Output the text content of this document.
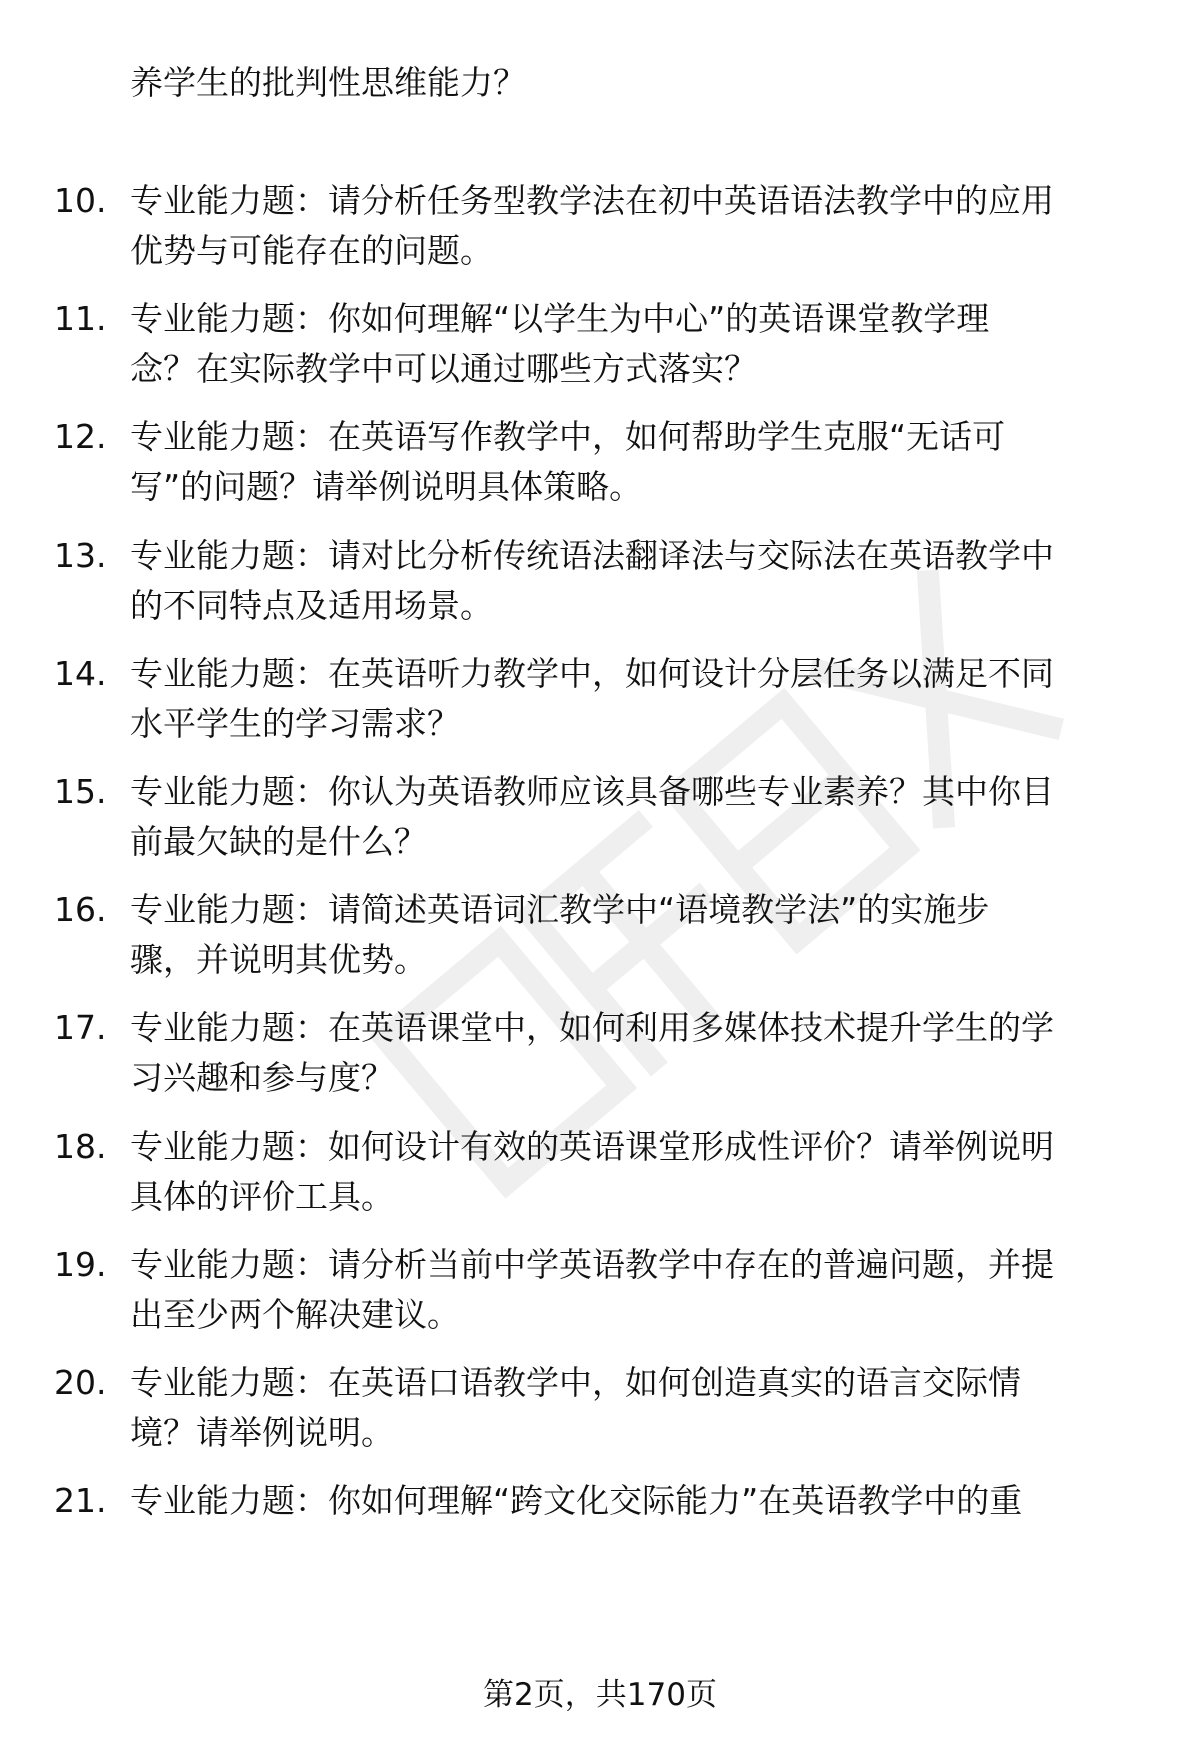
养学生的批判性思维能力？
10. 专业能力题：请分析任务型教学法在初中英语语法教学中的应用
优势与可能存在的问题。
11. 专业能力题：你如何理解“以学生为中心”的英语课堂教学理
念？在实际教学中可以通过哪些方式落实？
12. 专业能力题：在英语写作教学中，如何帮助学生克服“无话可
写”的问题？请举例说明具体策略。
13. 专业能力题：请对比分析传统语法翻译法与交际法在英语教学中
的不同特点及适用场景。
14. 专业能力题：在英语听力教学中，如何设计分层任务以满足不同
水平学生的学习需求？
15. 专业能力题：你认为英语教师应该具备哪些专业素养？其中你目
前最欠缺的是什么？
16. 专业能力题：请简述英语词汇教学中“语境教学法”的实施步
骤，并说明其优势。
17. 专业能力题：在英语课堂中，如何利用多媒体技术提升学生的学
习兴趣和参与度？
18. 专业能力题：如何设计有效的英语课堂形成性评价？请举例说明
具体的评价工具。
19. 专业能力题：请分析当前中学英语教学中存在的普遍问题，并提
出至少两个解决建议。
20. 专业能力题：在英语口语教学中，如何创造真实的语言交际情
境？请举例说明。
21. 专业能力题：你如何理解“跨文化交际能力”在英语教学中的重
第2页，共170页
